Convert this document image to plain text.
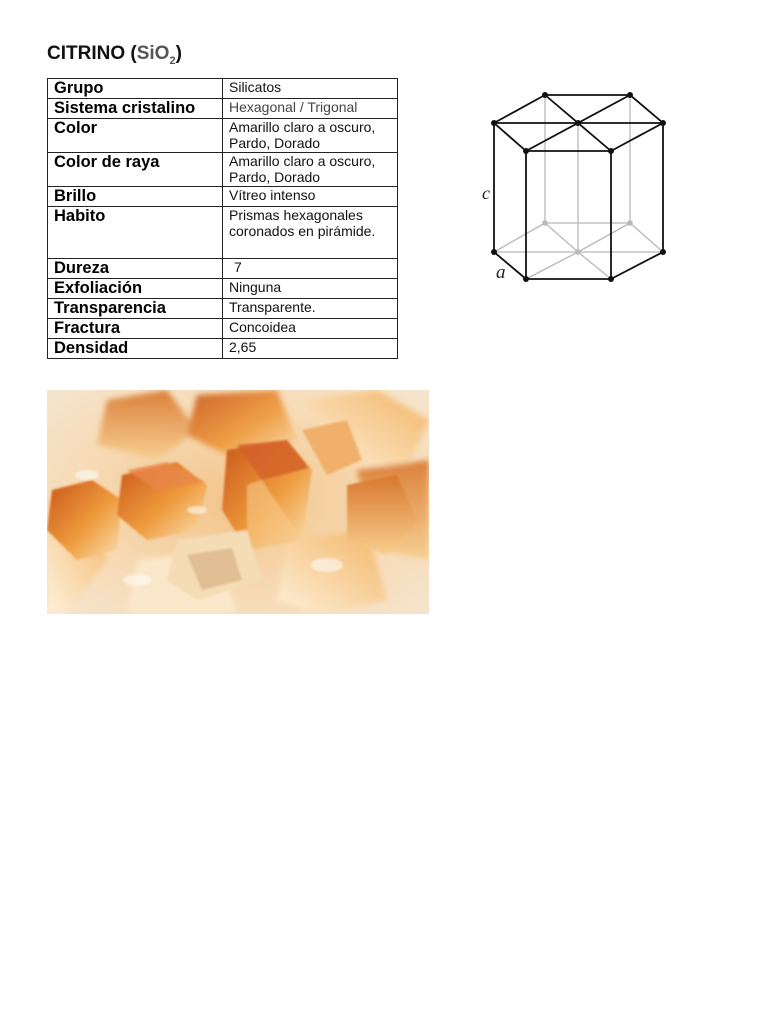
CITRINO (SiO$_2$)
Grupo	Silicatos
Sistema cristalino	Hexagonal / Trigonal
Color	Amarillo claro a oscuro, Pardo, Dorado
Color de raya	Amarillo claro a oscuro, Pardo, Dorado
Brillo	Vítreo intenso
Habito	Prismas hexagonales coronados en pirámide.
Dureza	7
Exfoliación	Ninguna
Transparencia	Transparente.
Fractura	Concoidea
Densidad	2,65
c
a
